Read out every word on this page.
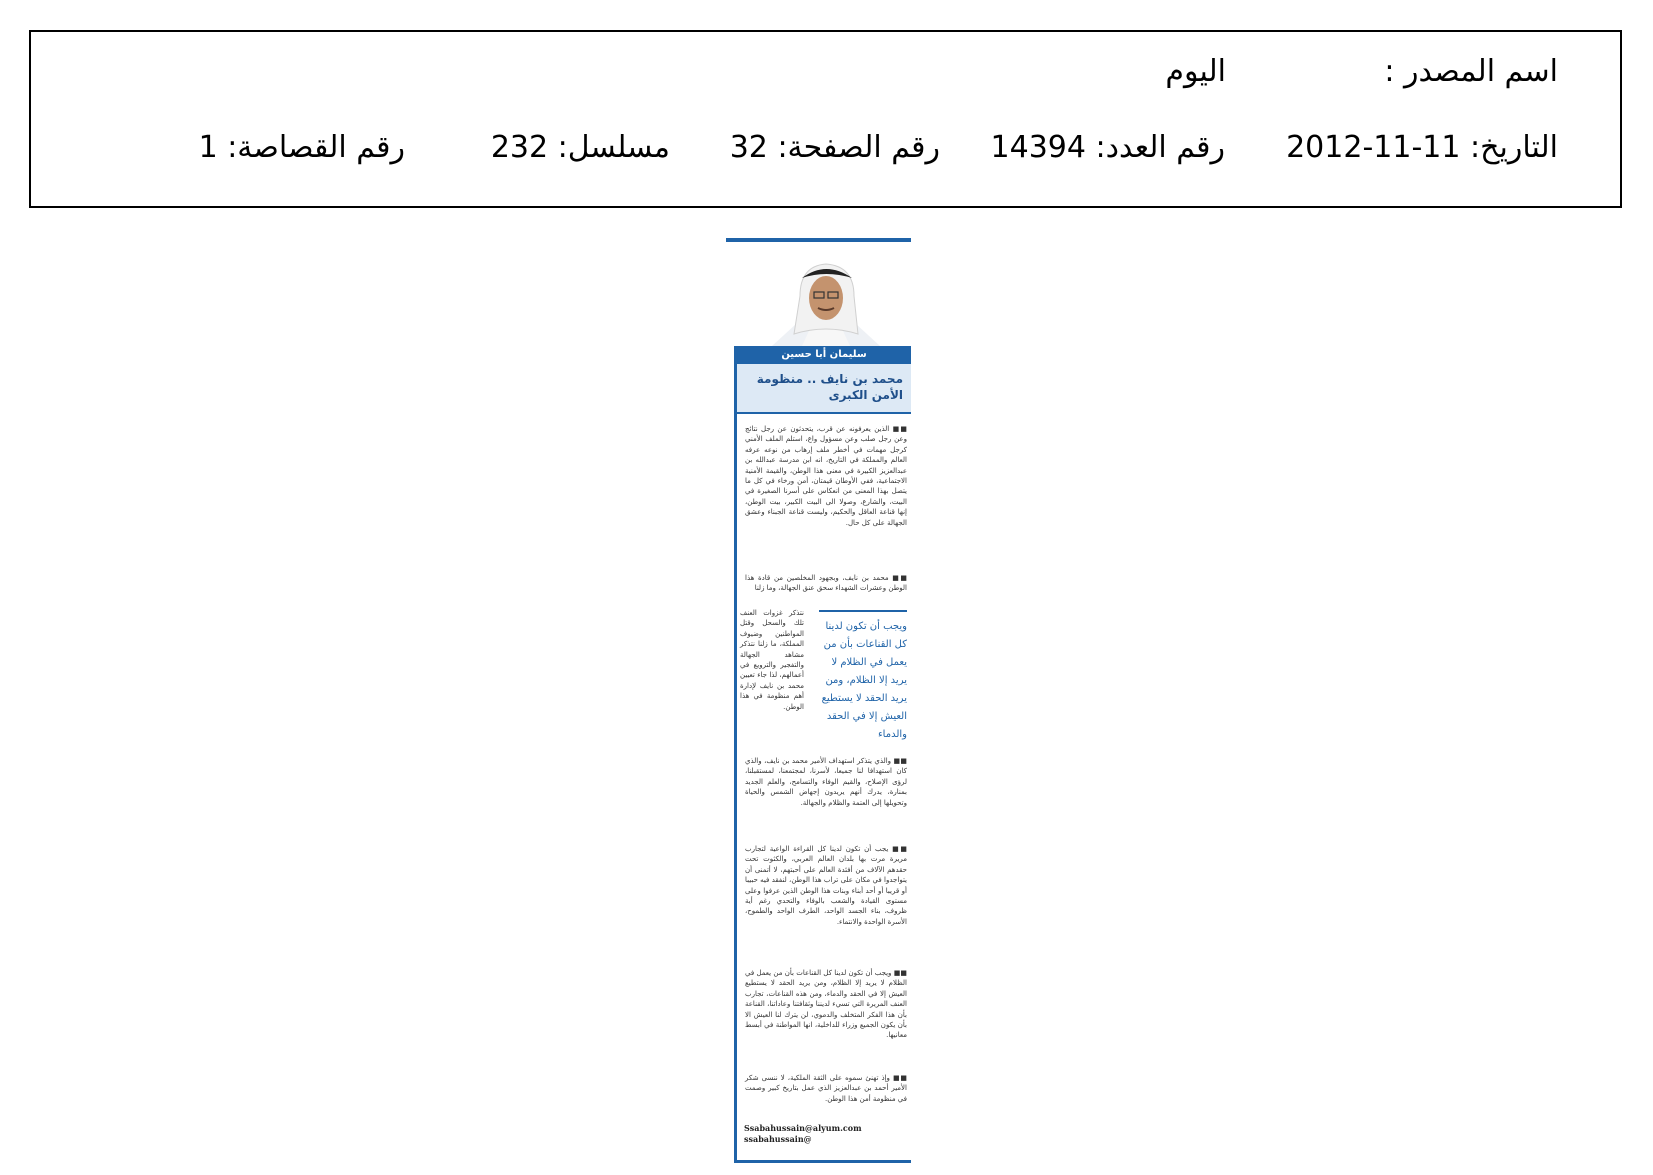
اسم المصدر :
اليوم
التاريخ: 11-11-2012
رقم العدد: 14394
رقم الصفحة: 32
مسلسل: 232
رقم القصاصة: 1
سليمان أبا حسين
محمد بن نايف .. منظومة الأمن الكبرى
■■ الذين يعرفونه عن قرب، يتحدثون عن رجل نتائج وعن رجل صلب وعن مسؤول واع، استلم الملف الأمني كرجل مهمات في أخطر ملف إرهاب من نوعه عرفه العالم والمملكة في التاريخ، انه ابن مدرسة عبدالله بن عبدالعزيز الكبيرة في معنى هذا الوطن، والقيمة الأمنية الاجتماعية، ففي الأوطان قيمتان، أمن ورخاء في كل ما يتصل بهذا المعنى من انعكاس على أسرنا الصغيرة في البيت، والشارع، وصولا الى البيت الكبير، بيت الوطن، إنها قناعة العاقل والحكيم، وليست قناعة الجبناء وعشق الجهالة على كل حال.
■■ محمد بن نايف، وبجهود المخلصين من قادة هذا الوطن وعشرات الشهداء سحق عنق الجهالة، وما زلنا
نتذكر غزوات العنف تلك والسحل وقتل المواطنين وضيوف المملكة، ما زلنا نتذكر مشاهد الجهالة والتفجير والترويع في أعمالهم، لذا جاء تعيين محمد بن نايف لإدارة أهم منظومة في هذا الوطن.
ويجب أن تكون لدينا كل القناعات بأن من يعمل في الظلام لا يريد إلا الظلام، ومن يريد الحقد لا يستطيع العيش إلا في الحقد والدماء
■■ والذي يتذكر استهداف الأمير محمد بن نايف، والذي كان استهدافا لنا جميعا، لأسرنا، لمجتمعنا، لمستقبلنا، لرؤى الإصلاح، والقيم الوفاء والتسامح، والعلم الجديد بمنارة، يدرك أنهم يريدون إجهاض الشمس والحياة وتحويلها إلى العتمة والظلام والجهالة.
■■ يجب أن تكون لدينا كل القراءة الواعية لتجارب مريرة مرت بها بلدان العالم العربي، والكثوت تحت حقدهم الآلاف من أفئدة العالم على أحبتهم، لا أتمنى أن يتواجدوا في مكان على تراب هذا الوطن، لنفقد فيه حبيبا أو قريبا أو أحد أبناء وبنات هذا الوطن الذين عرفوا وعلى مستوى القيادة والشعب بالوفاء والتحدي رغم أية ظروف، بناء الجسد الواحد، الطرف الواحد والطموح، الأسرة الواحدة والانتماء.
■■ ويجب أن تكون لدينا كل القناعات بأن من يعمل في الظلام لا يريد إلا الظلام، ومن يريد الحقد لا يستطيع العيش إلا في الحقد والدماء، ومن هذه القناعات، تجارب العنف المريرة التي تسيء لديننا وثقافتنا وعاداتنا، القناعة بأن هذا الفكر المتخلف والدموي، لن يترك لنا العيش الا بأن يكون الجميع وزراء للداخلية، انها المواطنة في أبسط معانيها.
■■ وإذ تهنئ سموه على الثقة الملكية، لا ننسى شكر الأمير أحمد بن عبدالعزيز الذي عمل بتاريخ كبير وصمت في منظومة أمن هذا الوطن.
Ssabahussain@alyum.com
ssabahussain@
